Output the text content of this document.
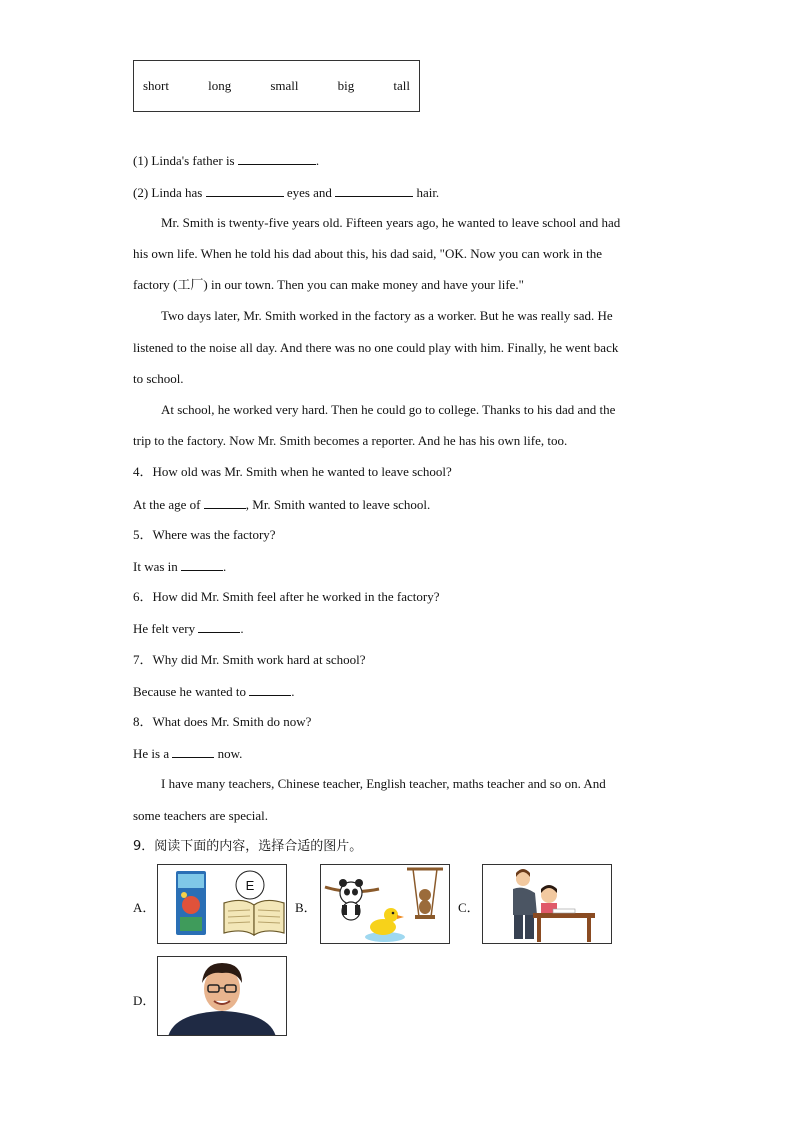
short	long	small	big	tall
(1) Linda's father is	.
(2) Linda has	eyes and	hair.
Mr. Smith is twenty-five years old. Fifteen years ago, he wanted to leave school and had
his own life. When he told his dad about this, his dad said, "OK. Now you can work in the
factory (工厂) in our town. Then you can make money and have your life."
Two days later, Mr. Smith worked in the factory as a worker. But he was really sad. He
listened to the noise all day. And there was no one could play with him. Finally, he went back
to school.
At school, he worked very hard. Then he could go to college. Thanks to his dad and the
trip to the factory. Now Mr. Smith becomes a reporter. And he has his own life, too.
4．How old was Mr. Smith when he wanted to leave school?
At the age of	, Mr. Smith wanted to leave school.
5．Where was the factory?
It was in	.
6．How did Mr. Smith feel after he worked in the factory?
He felt very	.
7．Why did Mr. Smith work hard at school?
Because he wanted to	.
8．What does Mr. Smith do now?
He is a	now.
I have many teachers, Chinese teacher, English teacher, maths teacher and so on. And
some teachers are special.
9．阅读下面的内容，选择合适的图片。
A．
E
B．	C．
D．
